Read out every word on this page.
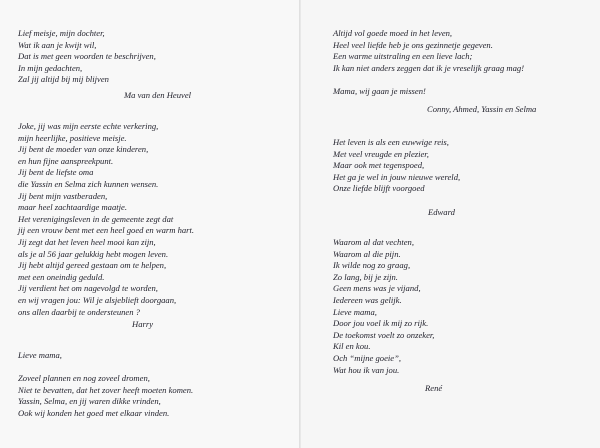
Lief meisje, mijn dochter,
Wat ik aan je kwijt wil,
Dat is met geen woorden te beschrijven,
In mijn gedachten,
Zal jij altijd bij mij blijven
Ma van den Heuvel
Joke, jij was mijn eerste echte verkering,
mijn heerlijke, positieve meisje.
Jij bent de moeder van onze kinderen,
en hun fijne aanspreekpunt.
Jij bent de liefste oma
die Yassin en Selma zich kunnen wensen.
Jij bent mijn vastberaden,
maar heel zachtaardige maatje.
Het verenigingsleven in de gemeente zegt dat
jij een vrouw bent met een heel goed en warm hart.
Jij zegt dat het leven heel mooi kan zijn,
als je al 56 jaar gelukkig hebt mogen leven.
Jij hebt altijd gereed gestaan om te helpen,
met een oneindig geduld.
Jij verdient het om nagevolgd te worden,
en wij vragen jou: Wil je alsjeblieft doorgaan,
ons allen daarbij te ondersteunen ?
Harry
Lieve mama,

Zoveel plannen en nog zoveel dromen,
Niet te bevatten, dat het zover heeft moeten komen.
Yassin, Selma, en jij waren dikke vrinden,
Ook wij konden het goed met elkaar vinden.
Altijd vol goede moed in het leven,
Heel veel liefde heb je ons gezinnetje gegeven.
Een warme uitstraling en een lieve lach;
Ik kan niet anders zeggen dat ik je vreselijk graag mag!

Mama, wij gaan je missen!
Conny, Ahmed, Yassin en Selma
Het leven is als een euwwige reis,
Met veel vreugde en plezier,
Maar ook met tegenspoed,
Het ga je wel in jouw nieuwe wereld,
Onze liefde blijft voorgoed
Edward
Waarom al dat vechten,
Waarom al die pijn.
Ik wilde nog zo graag,
Zo lang, bij je zijn.
Geen mens was je vijand,
Iedereen was gelijk.
Lieve mama,
Door jou voel ik mij zo rijk.
De toekomst voelt zo onzeker,
Kil en kou.
Och “mijne goeie”,
Wat hou ik van jou.
René
